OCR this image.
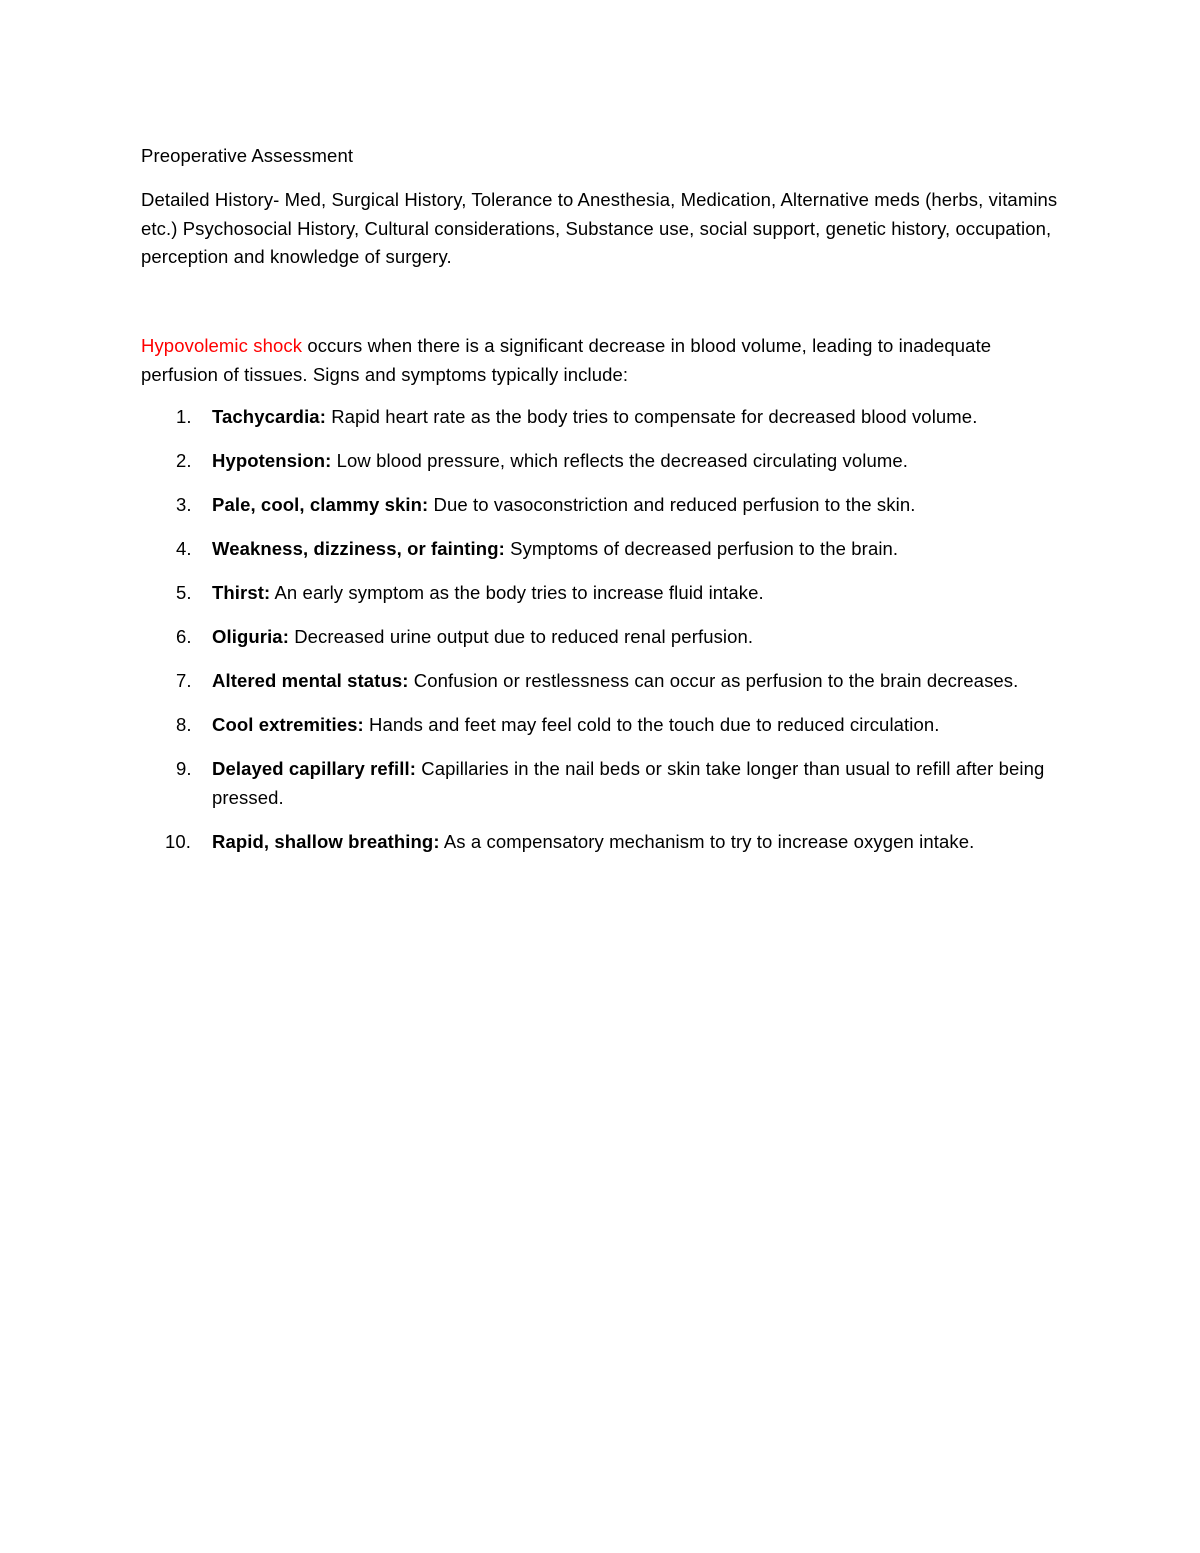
Preoperative Assessment

Detailed History- Med, Surgical History, Tolerance to Anesthesia, Medication, Alternative meds (herbs, vitamins etc.) Psychosocial History, Cultural considerations, Substance use, social support, genetic history, occupation, perception and knowledge of surgery.

Hypovolemic shock occurs when there is a significant decrease in blood volume, leading to inadequate perfusion of tissues. Signs and symptoms typically include:

1.	Tachycardia: Rapid heart rate as the body tries to compensate for decreased blood volume.
2.	Hypotension: Low blood pressure, which reflects the decreased circulating volume.
3.	Pale, cool, clammy skin: Due to vasoconstriction and reduced perfusion to the skin.
4.	Weakness, dizziness, or fainting: Symptoms of decreased perfusion to the brain.
5.	Thirst: An early symptom as the body tries to increase fluid intake.
6.	Oliguria: Decreased urine output due to reduced renal perfusion.
7.	Altered mental status: Confusion or restlessness can occur as perfusion to the brain decreases.
8.	Cool extremities: Hands and feet may feel cold to the touch due to reduced circulation.
9.	Delayed capillary refill: Capillaries in the nail beds or skin take longer than usual to refill after being pressed.
10.	Rapid, shallow breathing: As a compensatory mechanism to try to increase oxygen intake.
